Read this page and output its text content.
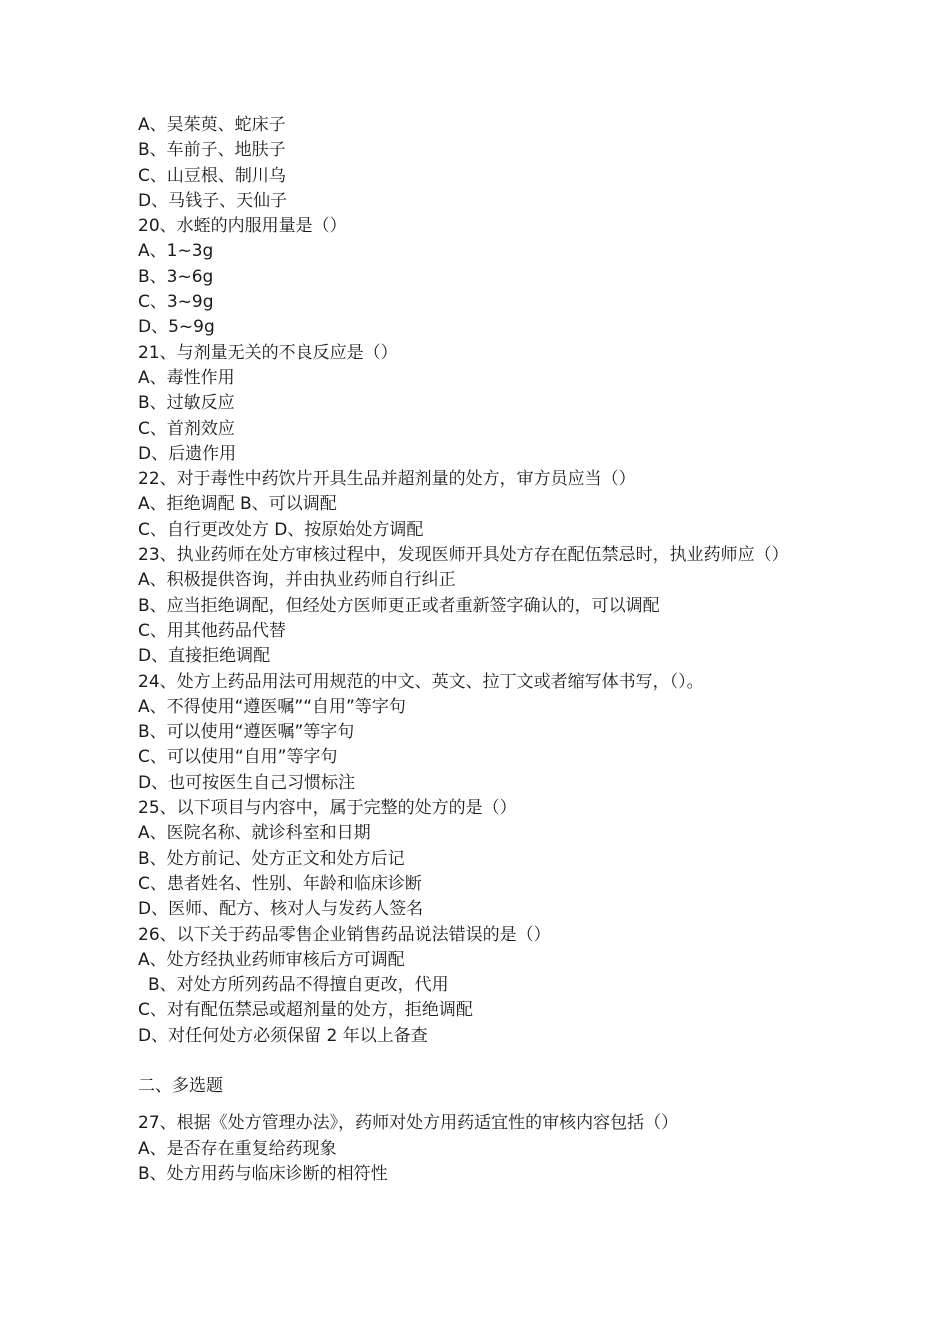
A、吴茱萸、蛇床子
B、车前子、地肤子
C、山豆根、制川乌
D、马钱子、天仙子
20、水蛭的内服用量是（）
A、1~3g
B、3~6g
C、3~9g
D、5~9g
21、与剂量无关的不良反应是（）
A、毒性作用
B、过敏反应
C、首剂效应
D、后遗作用
22、对于毒性中药饮片开具生品并超剂量的处方，审方员应当（）
A、拒绝调配 B、可以调配
C、自行更改处方 D、按原始处方调配
23、执业药师在处方审核过程中，发现医师开具处方存在配伍禁忌时，执业药师应（）
A、积极提供咨询，并由执业药师自行纠正
B、应当拒绝调配，但经处方医师更正或者重新签字确认的，可以调配
C、用其他药品代替
D、直接拒绝调配
24、处方上药品用法可用规范的中文、英文、拉丁文或者缩写体书写，（）。
A、不得使用“遵医嘱”“自用”等字句
B、可以使用“遵医嘱”等字句
C、可以使用“自用”等字句
D、也可按医生自己习惯标注
25、以下项目与内容中，属于完整的处方的是（）
A、医院名称、就诊科室和日期
B、处方前记、处方正文和处方后记
C、患者姓名、性别、年龄和临床诊断
D、医师、配方、核对人与发药人签名
26、以下关于药品零售企业销售药品说法错误的是（）
A、处方经执业药师审核后方可调配
B、对处方所列药品不得擅自更改，代用
C、对有配伍禁忌或超剂量的处方，拒绝调配
D、对任何处方必须保留 2 年以上备查
二、多选题
27、根据《处方管理办法》，药师对处方用药适宜性的审核内容包括（）
A、是否存在重复给药现象
B、处方用药与临床诊断的相符性
